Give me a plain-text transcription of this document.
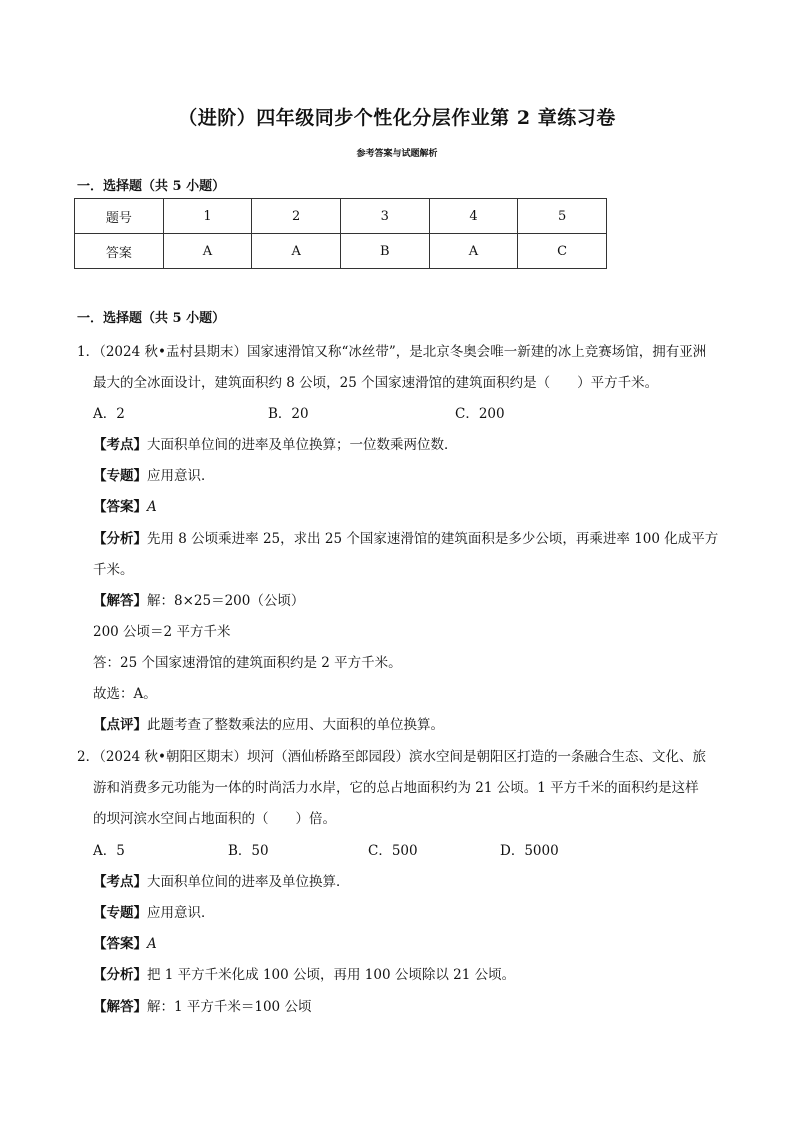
（进阶）四年级同步个性化分层作业第 2 章练习卷
参考答案与试题解析
一．选择题（共 5 小题）
题号	1	2	3	4	5
答案	A	A	B	A	C
一．选择题（共 5 小题）
1．（2024 秋•盂村县期末）国家速滑馆又称“冰丝带”，是北京冬奥会唯一新建的冰上竞赛场馆，拥有亚洲
最大的全冰面设计，建筑面积约 8 公顷，25 个国家速滑馆的建筑面积约是（　　）平方千米。
A．2	B．20	C．200
【考点】大面积单位间的进率及单位换算；一位数乘两位数．
【专题】应用意识．
【答案】A
【分析】先用 8 公顷乘进率 25，求出 25 个国家速滑馆的建筑面积是多少公顷，再乘进率 100 化成平方
千米。
【解答】解：8×25＝200（公顷）
200 公顷＝2 平方千米
答：25 个国家速滑馆的建筑面积约是 2 平方千米。
故选：A。
【点评】此题考查了整数乘法的应用、大面积的单位换算。
2．（2024 秋•朝阳区期末）坝河（酒仙桥路至郎园段）滨水空间是朝阳区打造的一条融合生态、文化、旅
游和消费多元功能为一体的时尚活力水岸，它的总占地面积约为 21 公顷。1 平方千米的面积约是这样
的坝河滨水空间占地面积的（　　）倍。
A．5	B．50	C．500	D．5000
【考点】大面积单位间的进率及单位换算．
【专题】应用意识．
【答案】A
【分析】把 1 平方千米化成 100 公顷，再用 100 公顷除以 21 公顷。
【解答】解：1 平方千米＝100 公顷
